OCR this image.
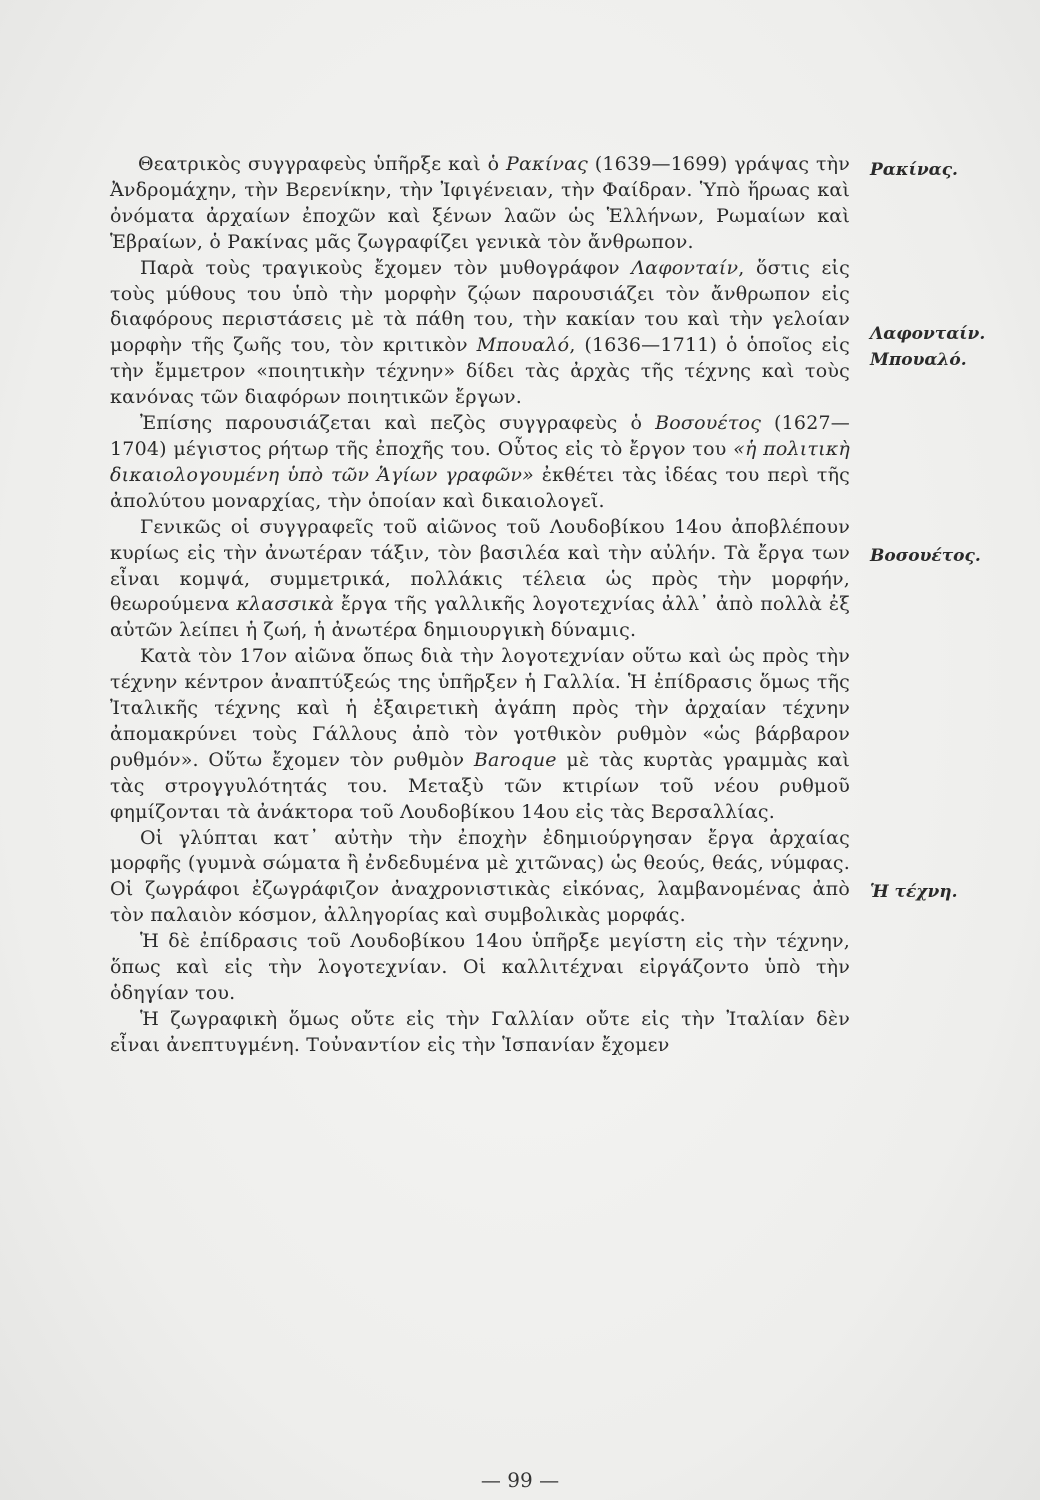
Θεατρικὸς συγγραφεὺς ὑπῆρξε καὶ ὁ Ρακίνας (1639—1699) γράψας τὴν Ἀνδρομάχην, τὴν Βερενίκην, τὴν Ἰφιγένειαν, τὴν Φαίδραν. Ὑπὸ ἥρωας καὶ ὀνόματα ἀρχαίων ἐποχῶν καὶ ξένων λαῶν ὡς Ἑλλήνων, Ρωμαίων καὶ Ἑβραίων, ὁ Ρακίνας μᾶς ζωγραφίζει γενικὰ τὸν ἄνθρωπον.

Παρὰ τοὺς τραγικοὺς ἔχομεν τὸν μυθογράφον Λαφονταίν, ὅστις εἰς τοὺς μύθους του ὑπὸ τὴν μορφὴν ζῴων παρουσιάζει τὸν ἄνθρωπον εἰς διαφόρους περιστάσεις μὲ τὰ πάθη του, τὴν κακίαν του καὶ τὴν γελοίαν μορφὴν τῆς ζωῆς του, τὸν κριτικὸν Μπουαλό, (1636—1711) ὁ ὁποῖος εἰς τὴν ἔμμετρον «ποιητικὴν τέχνην» δίδει τὰς ἀρχὰς τῆς τέχνης καὶ τοὺς κανόνας τῶν διαφόρων ποιητικῶν ἔργων.

Ἐπίσης παρουσιάζεται καὶ πεζὸς συγγραφεὺς ὁ Βοσουέτος (1627—1704) μέγιστος ρήτωρ τῆς ἐποχῆς του. Οὗτος εἰς τὸ ἔργον του «ἡ πολιτικὴ δικαιολογουμένη ὑπὸ τῶν Ἁγίων γραφῶν» ἐκθέτει τὰς ἰδέας του περὶ τῆς ἀπολύτου μοναρχίας, τὴν ὁποίαν καὶ δικαιολογεῖ.

Γενικῶς οἱ συγγραφεῖς τοῦ αἰῶνος τοῦ Λουδοβίκου 14ου ἀποβλέπουν κυρίως εἰς τὴν ἀνωτέραν τάξιν, τὸν βασιλέα καὶ τὴν αὐλήν. Τὰ ἔργα των εἶναι κομψά, συμμετρικά, πολλάκις τέλεια ὡς πρὸς τὴν μορφήν, θεωρούμενα κλασσικὰ ἔργα τῆς γαλλικῆς λογοτεχνίας ἀλλ᾽ ἀπὸ πολλὰ ἐξ αὐτῶν λείπει ἡ ζωή, ἡ ἀνωτέρα δημιουργικὴ δύναμις.

Κατὰ τὸν 17ον αἰῶνα ὅπως διὰ τὴν λογοτεχνίαν οὕτω καὶ ὡς πρὸς τὴν τέχνην κέντρον ἀναπτύξεώς της ὑπῆρξεν ἡ Γαλλία. Ἡ ἐπίδρασις ὅμως τῆς Ἰταλικῆς τέχνης καὶ ἡ ἐξαιρετικὴ ἀγάπη πρὸς τὴν ἀρχαίαν τέχνην ἀπομακρύνει τοὺς Γάλλους ἀπὸ τὸν γοτθικὸν ρυθμὸν «ὡς βάρβαρον ρυθμόν». Οὕτω ἔχομεν τὸν ρυθμὸν Baroque μὲ τὰς κυρτὰς γραμμὰς καὶ τὰς στρογγυλότητάς του. Μεταξὺ τῶν κτιρίων τοῦ νέου ρυθμοῦ φημίζονται τὰ ἀνάκτορα τοῦ Λουδοβίκου 14ου εἰς τὰς Βερσαλλίας.

Οἱ γλύπται κατ᾽ αὐτὴν τὴν ἐποχὴν ἐδημιούργησαν ἔργα ἀρχαίας μορφῆς (γυμνὰ σώματα ἢ ἐνδεδυμένα μὲ χιτῶνας) ὡς θεούς, θεάς, νύμφας. Οἱ ζωγράφοι ἐζωγράφιζον ἀναχρονιστικὰς εἰκόνας, λαμβανομένας ἀπὸ τὸν παλαιὸν κόσμον, ἀλληγορίας καὶ συμβολικὰς μορφάς.

Ἡ δὲ ἐπίδρασις τοῦ Λουδοβίκου 14ου ὑπῆρξε μεγίστη εἰς τὴν τέχνην, ὅπως καὶ εἰς τὴν λογοτεχνίαν. Οἱ καλλιτέχναι εἰργάζοντο ὑπὸ τὴν ὁδηγίαν του.

Ἡ ζωγραφικὴ ὅμως οὔτε εἰς τὴν Γαλλίαν οὔτε εἰς τὴν Ἰταλίαν δὲν εἶναι ἀνεπτυγμένη. Τοὐναντίον εἰς τὴν Ἱσπανίαν ἔχομεν

Ρακίνας.
Λαφονταίν.
Μπουαλό.
Βοσουέτος.
Ἡ τέχνη.
— 99 —
